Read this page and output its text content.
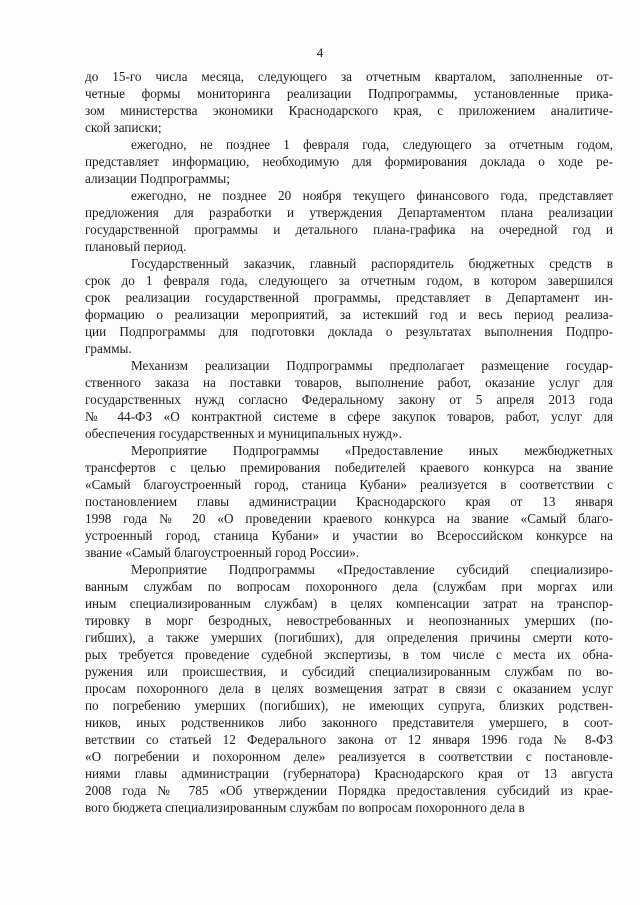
4
до 15-го числа месяца, следующего за отчетным кварталом, заполненные от-
четные формы мониторинга реализации Подпрограммы, установленные прика-
зом министерства экономики Краснодарского края, с приложением аналитиче-
ской записки;
ежегодно, не позднее 1 февраля года, следующего за отчетным годом,
представляет информацию, необходимую для формирования доклада о ходе ре-
ализации Подпрограммы;
ежегодно, не позднее 20 ноября текущего финансового года, представляет
предложения для разработки и утверждения Департаментом плана реализации
государственной программы и детального плана-графика на очередной год и
плановый период.
Государственный заказчик, главный распорядитель бюджетных средств в
срок до 1 февраля года, следующего за отчетным годом, в котором завершился
срок реализации государственной программы, представляет в Департамент ин-
формацию о реализации мероприятий, за истекший год и весь период реализа-
ции Подпрограммы для подготовки доклада о результатах выполнения Подпро-
граммы.
Механизм реализации Подпрограммы предполагает размещение государ-
ственного заказа на поставки товаров, выполнение работ, оказание услуг для
государственных нужд согласно Федеральному закону от 5 апреля 2013 года
№ 44-ФЗ «О контрактной системе в сфере закупок товаров, работ, услуг для
обеспечения государственных и муниципальных нужд».
Мероприятие Подпрограммы «Предоставление иных межбюджетных
трансфертов с целью премирования победителей краевого конкурса на звание
«Самый благоустроенный город, станица Кубани» реализуется в соответствии с
постановлением главы администрации Краснодарского края от 13 января
1998 года № 20 «О проведении краевого конкурса на звание «Самый благо-
устроенный город, станица Кубани» и участии во Всероссийском конкурсе на
звание «Самый благоустроенный город России».
Мероприятие Подпрограммы «Предоставление субсидий специализиро-
ванным службам по вопросам похоронного дела (службам при моргах или
иным специализированным службам) в целях компенсации затрат на транспор-
тировку в морг безродных, невостребованных и неопознанных умерших (по-
гибших), а также умерших (погибших), для определения причины смерти кото-
рых требуется проведение судебной экспертизы, в том числе с места их обна-
ружения или происшествия, и субсидий специализированным службам по во-
просам похоронного дела в целях возмещения затрат в связи с оказанием услуг
по погребению умерших (погибших), не имеющих супруга, близких родствен-
ников, иных родственников либо законного представителя умершего, в соот-
ветствии со статьей 12 Федерального закона от 12 января 1996 года № 8-ФЗ
«О погребении и похоронном деле» реализуется в соответствии с постановле-
ниями главы администрации (губернатора) Краснодарского края от 13 августа
2008 года № 785 «Об утверждении Порядка предоставления субсидий из крае-
вого бюджета специализированным службам по вопросам похоронного дела в
